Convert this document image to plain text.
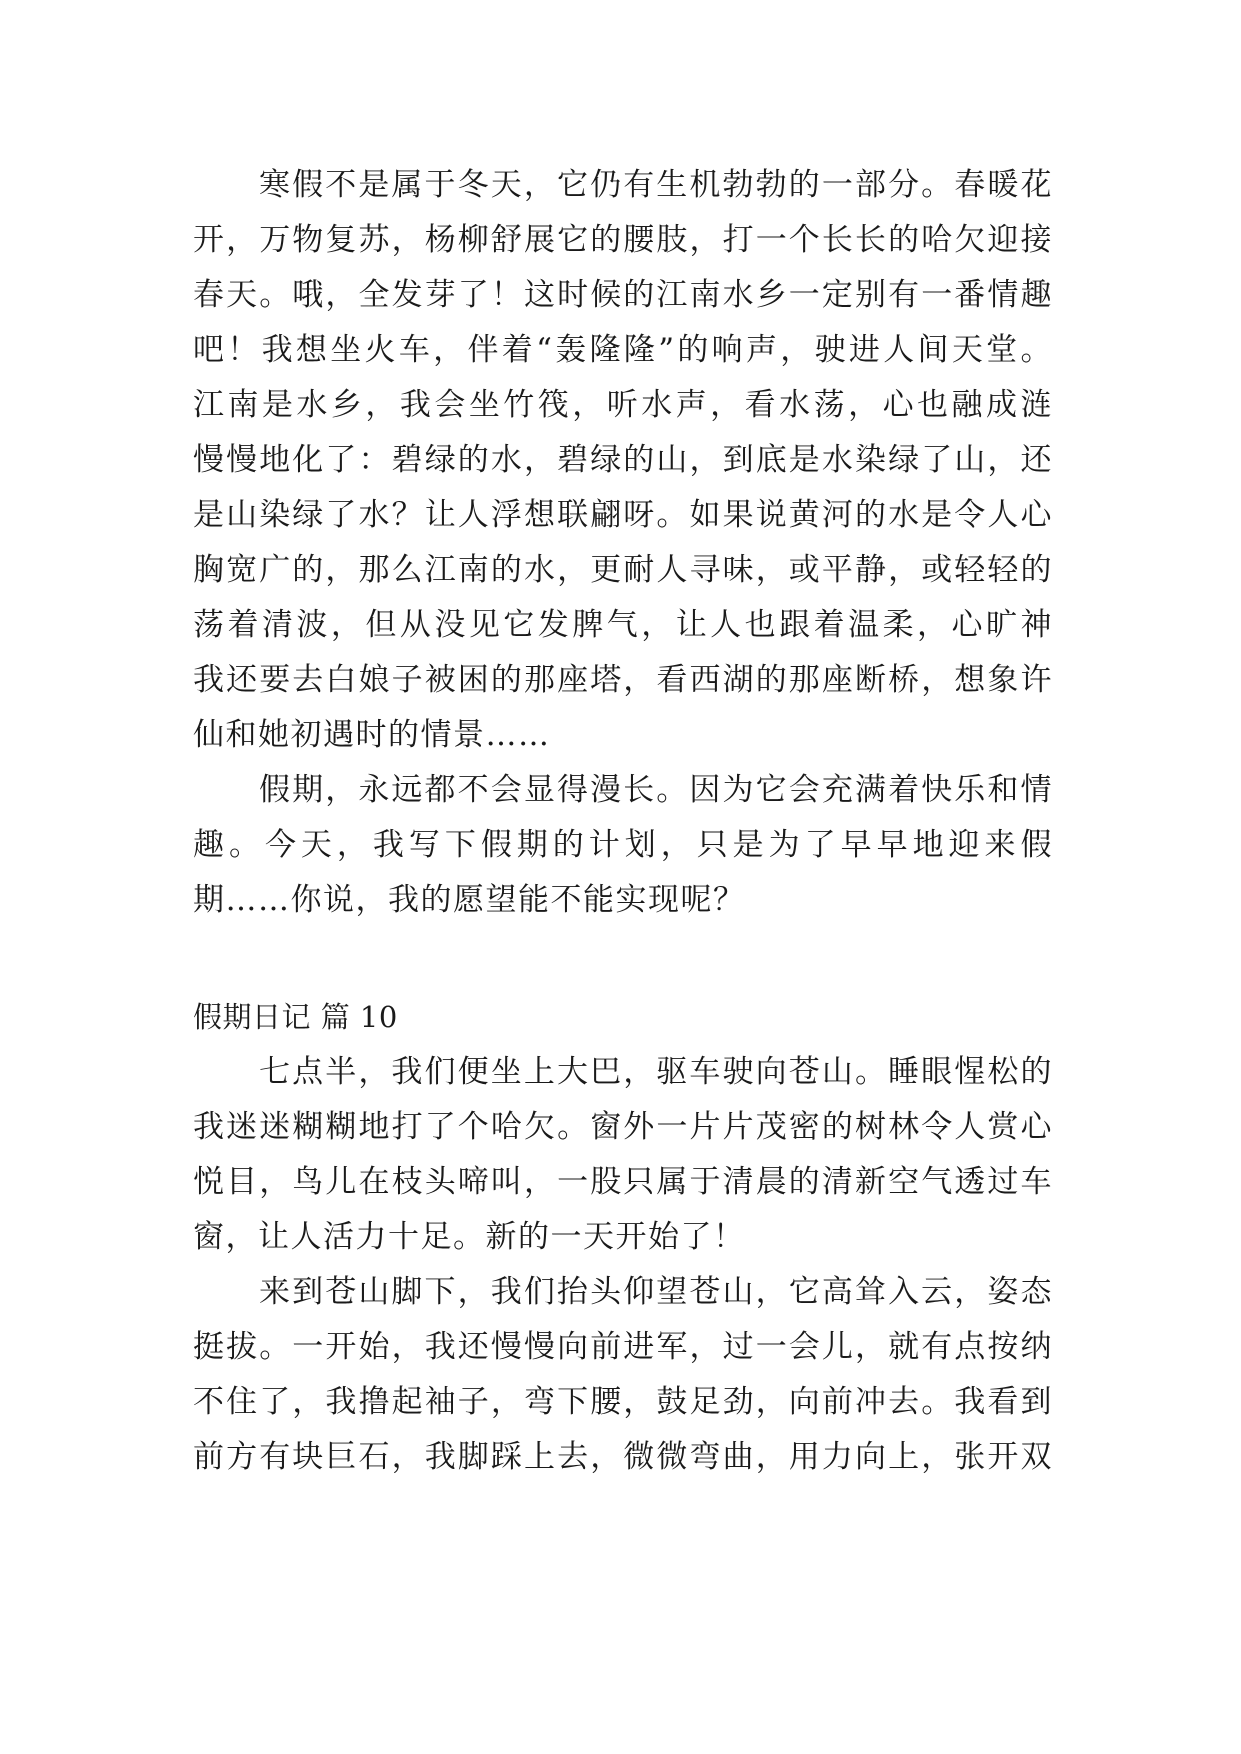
寒假不是属于冬天，它仍有生机勃勃的一部分。春暖花
开，万物复苏，杨柳舒展它的腰肢，打一个长长的哈欠迎接
春天。哦，全发芽了！这时候的江南水乡一定别有一番情趣
吧！我想坐火车，伴着“轰隆隆”的响声，驶进人间天堂。
江南是水乡，我会坐竹筏，听水声，看水荡，心也融成涟
慢慢地化了：碧绿的水，碧绿的山，到底是水染绿了山，还
是山染绿了水？让人浮想联翩呀。如果说黄河的水是令人心
胸宽广的，那么江南的水，更耐人寻味，或平静，或轻轻的
荡着清波，但从没见它发脾气，让人也跟着温柔，心旷神
我还要去白娘子被困的那座塔，看西湖的那座断桥，想象许
仙和她初遇时的情景……
假期，永远都不会显得漫长。因为它会充满着快乐和情
趣。今天，我写下假期的计划，只是为了早早地迎来假
期……你说，我的愿望能不能实现呢？
假期日记 篇 10
七点半，我们便坐上大巴，驱车驶向苍山。睡眼惺松的
我迷迷糊糊地打了个哈欠。窗外一片片茂密的树林令人赏心
悦目，鸟儿在枝头啼叫，一股只属于清晨的清新空气透过车
窗，让人活力十足。新的一天开始了！
来到苍山脚下，我们抬头仰望苍山，它高耸入云，姿态
挺拔。一开始，我还慢慢向前进军，过一会儿，就有点按纳
不住了，我撸起袖子，弯下腰，鼓足劲，向前冲去。我看到
前方有块巨石，我脚踩上去，微微弯曲，用力向上，张开双
